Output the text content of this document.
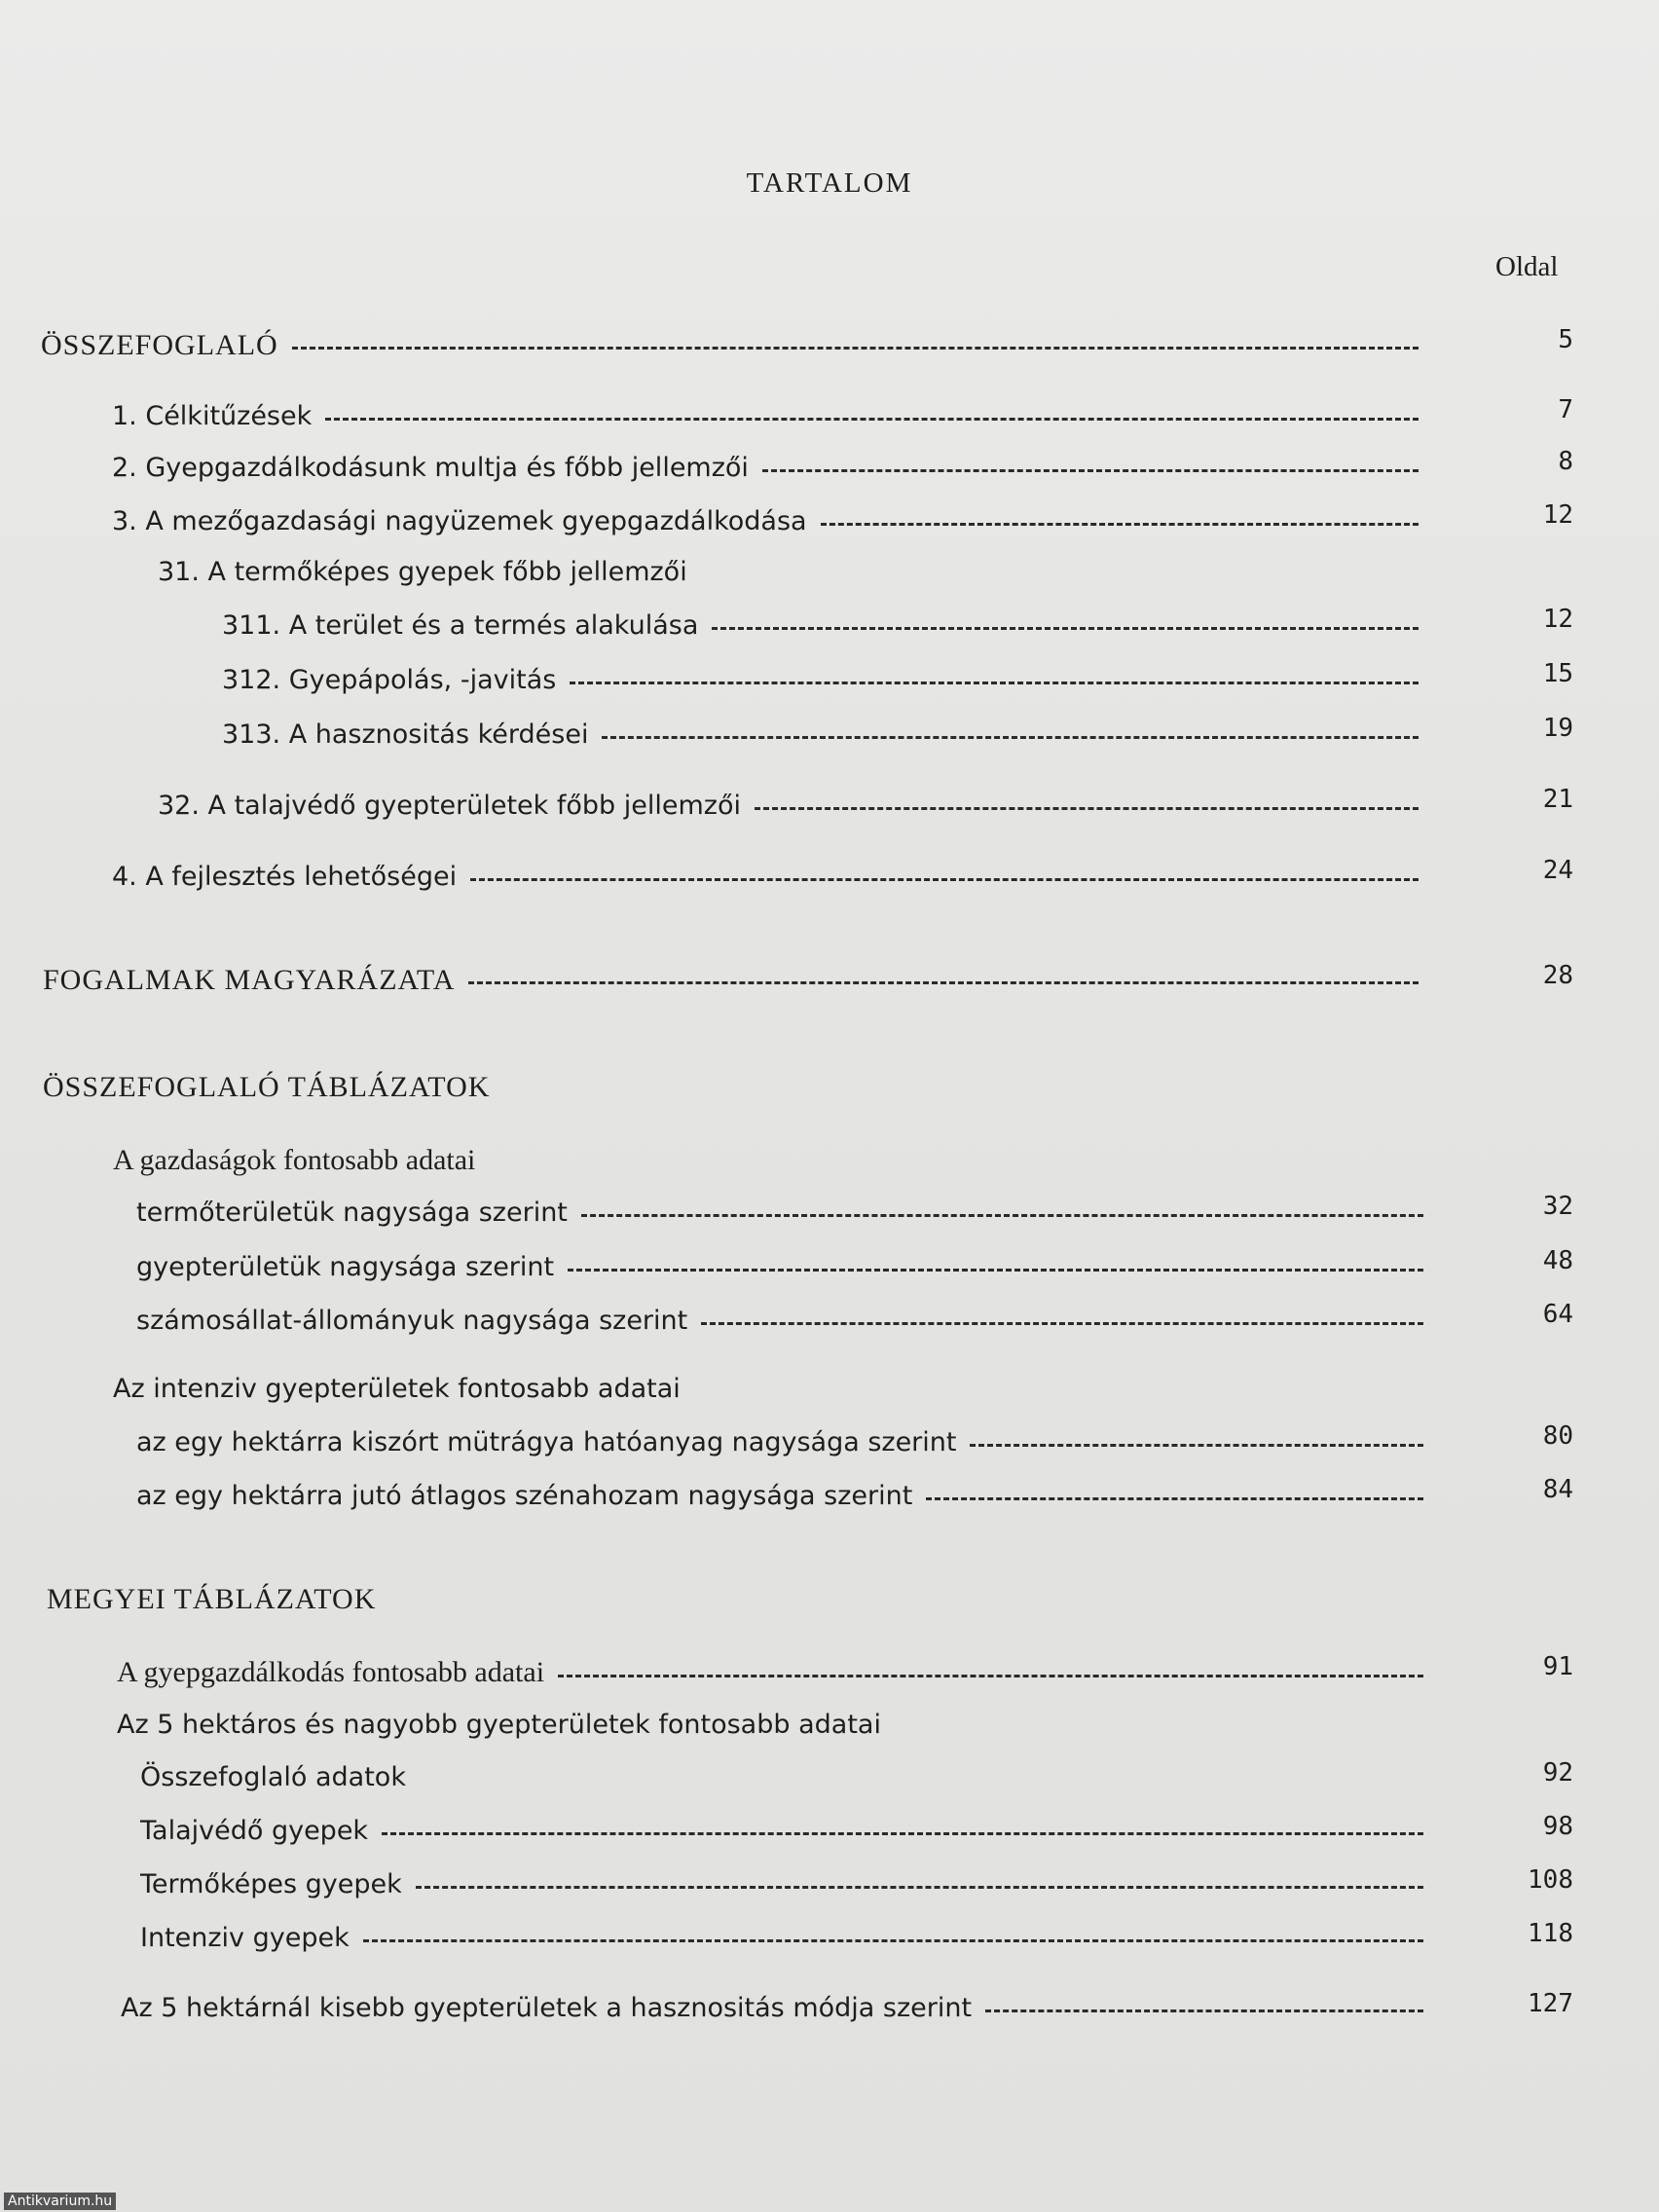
TARTALOM
Oldal
ÖSSZEFOGLALÓ	5
1. Célkitűzések	7
2. Gyepgazdálkodásunk multja és főbb jellemzői	8
3. A mezőgazdasági nagyüzemek gyepgazdálkodása	12
31. A termőképes gyepek főbb jellemzői
311. A terület és a termés alakulása	12
312. Gyepápolás, -javitás	15
313. A hasznositás kérdései	19
32. A talajvédő gyepterületek főbb jellemzői	21
4. A fejlesztés lehetőségei	24
FOGALMAK MAGYARÁZATA	28
ÖSSZEFOGLALÓ TÁBLÁZATOK
A gazdaságok fontosabb adatai
termőterületük nagysága szerint	32
gyepterületük nagysága szerint	48
számosállat-állományuk nagysága szerint	64
Az intenziv gyepterületek fontosabb adatai
az egy hektárra kiszórt mütrágya hatóanyag nagysága szerint	80
az egy hektárra jutó átlagos szénahozam nagysága szerint	84
MEGYEI TÁBLÁZATOK
A gyepgazdálkodás fontosabb adatai	91
Az 5 hektáros és nagyobb gyepterületek fontosabb adatai
Összefoglaló adatok	92
Talajvédő gyepek	98
Termőképes gyepek	108
Intenziv gyepek	118
Az 5 hektárnál kisebb gyepterületek a hasznositás módja szerint	127
Antikvarium.hu
